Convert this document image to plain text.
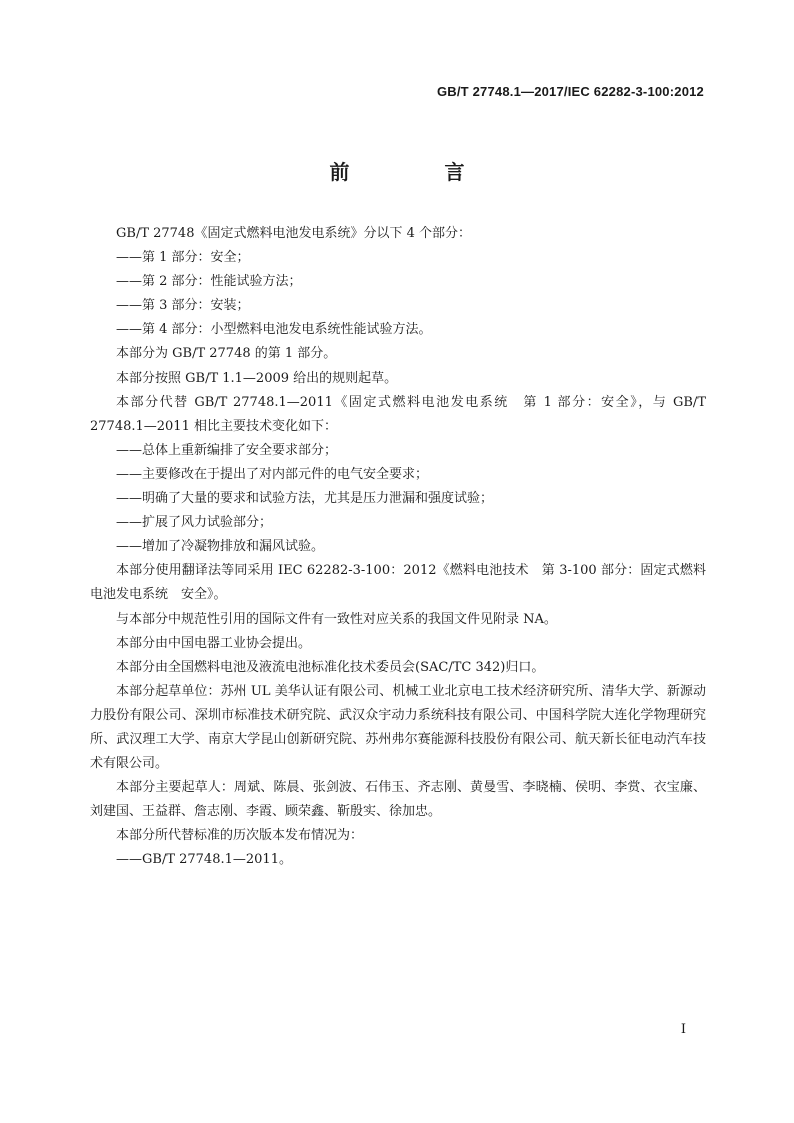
GB/T 27748.1—2017/IEC 62282-3-100:2012
前 言

GB/T 27748《固定式燃料电池发电系统》分以下 4 个部分：

——第 1 部分：安全；

——第 2 部分：性能试验方法；

——第 3 部分：安装；

——第 4 部分：小型燃料电池发电系统性能试验方法。

本部分为 GB/T 27748 的第 1 部分。

本部分按照 GB/T 1.1—2009 给出的规则起草。

本部分代替 GB/T 27748.1—2011《固定式燃料电池发电系统　第 1 部分：安全》，与 GB/T 27748.1—2011 相比主要技术变化如下：

——总体上重新编排了安全要求部分；

——主要修改在于提出了对内部元件的电气安全要求；

——明确了大量的要求和试验方法，尤其是压力泄漏和强度试验；

——扩展了风力试验部分；

——增加了冷凝物排放和漏风试验。

本部分使用翻译法等同采用 IEC 62282-3-100：2012《燃料电池技术　第 3-100 部分：固定式燃料电池发电系统　安全》。

与本部分中规范性引用的国际文件有一致性对应关系的我国文件见附录 NA。

本部分由中国电器工业协会提出。

本部分由全国燃料电池及液流电池标准化技术委员会(SAC/TC 342)归口。

本部分起草单位：苏州 UL 美华认证有限公司、机械工业北京电工技术经济研究所、清华大学、新源动力股份有限公司、深圳市标准技术研究院、武汉众宇动力系统科技有限公司、中国科学院大连化学物理研究所、武汉理工大学、南京大学昆山创新研究院、苏州弗尔赛能源科技股份有限公司、航天新长征电动汽车技术有限公司。

本部分主要起草人：周斌、陈晨、张剑波、石伟玉、齐志刚、黄曼雪、李晓楠、侯明、李赏、衣宝廉、刘建国、王益群、詹志刚、李霞、顾荣鑫、靳殷实、徐加忠。

本部分所代替标准的历次版本发布情况为：

——GB/T 27748.1—2011。

I
